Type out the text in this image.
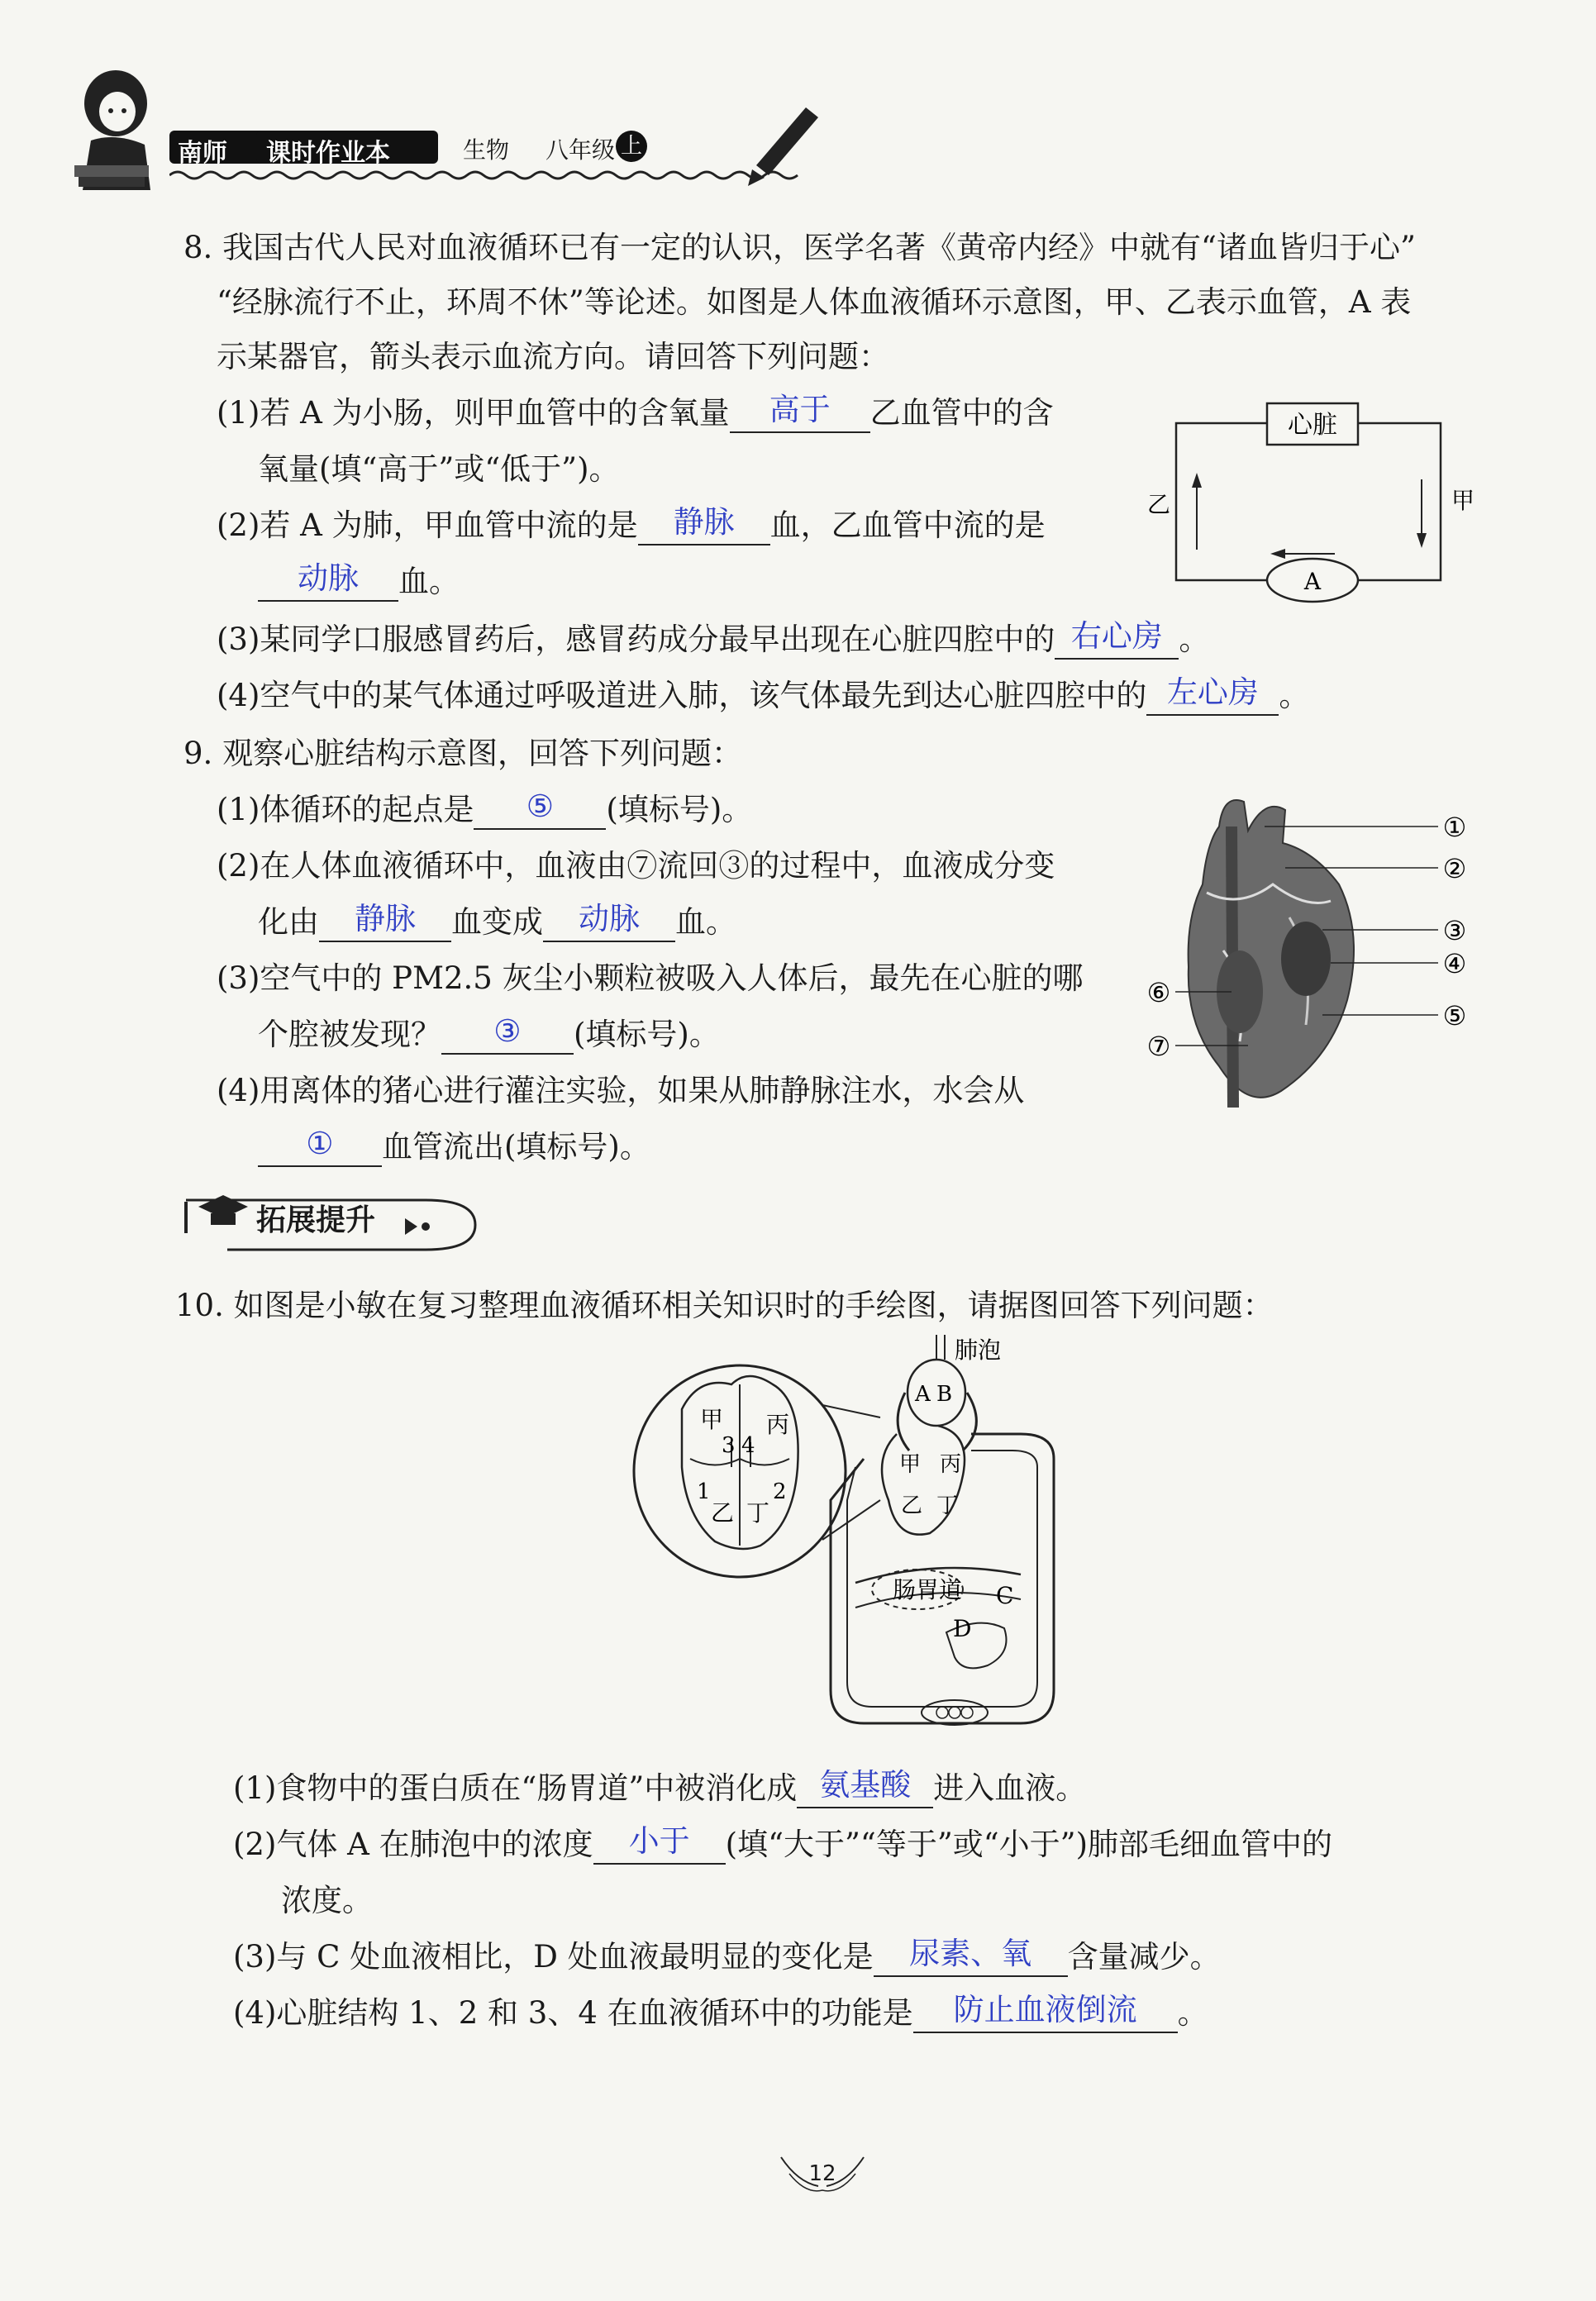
南师 课时作业本	生物 八年级 上
8. 我国古代人民对血液循环已有一定的认识，医学名著《黄帝内经》中就有“诸血皆归于心”
“经脉流行不止，环周不休”等论述。如图是人体血液循环示意图，甲、乙表示血管，A 表
示某器官，箭头表示血流方向。请回答下列问题：
(1)若 A 为小肠，则甲血管中的含氧量	高于	乙血管中的含
氧量(填“高于”或“低于”)。
(2)若 A 为肺，甲血管中流的是	静脉	血，乙血管中流的是
动脉	血。
(3)某同学口服感冒药后，感冒药成分最早出现在心脏四腔中的 右心房 。
(4)空气中的某气体通过呼吸道进入肺，该气体最先到达心脏四腔中的 左心房 。
心脏
A
乙	甲
9. 观察心脏结构示意图，回答下列问题：
(1)体循环的起点是	⑤	(填标号)。
(2)在人体血液循环中，血液由⑦流回③的过程中，血液成分变
化由	静脉	血变成	动脉	血。
(3)空气中的 PM2.5 灰尘小颗粒被吸入人体后，最先在心脏的哪
个腔被发现？	③	(填标号)。
(4)用离体的猪心进行灌注实验，如果从肺静脉注水，水会从
①	血管流出(填标号)。
①
②
③
④
⑤
⑥
⑦
拓展提升
10. 如图是小敏在复习整理血液循环相关知识时的手绘图，请据图回答下列问题：
甲 丙
3 4
1	2
乙 丁
A B
肺泡
甲 丙
乙 丁
肠胃道 C
D
(1)食物中的蛋白质在“肠胃道”中被消化成 氨基酸 进入血液。
(2)气体 A 在肺泡中的浓度	小于	(填“大于”“等于”或“小于”)肺部毛细血管中的
浓度。
(3)与 C 处血液相比，D 处血液最明显的变化是	尿素、氧	含量减少。
(4)心脏结构 1、2 和 3、4 在血液循环中的功能是	防止血液倒流	。
12
